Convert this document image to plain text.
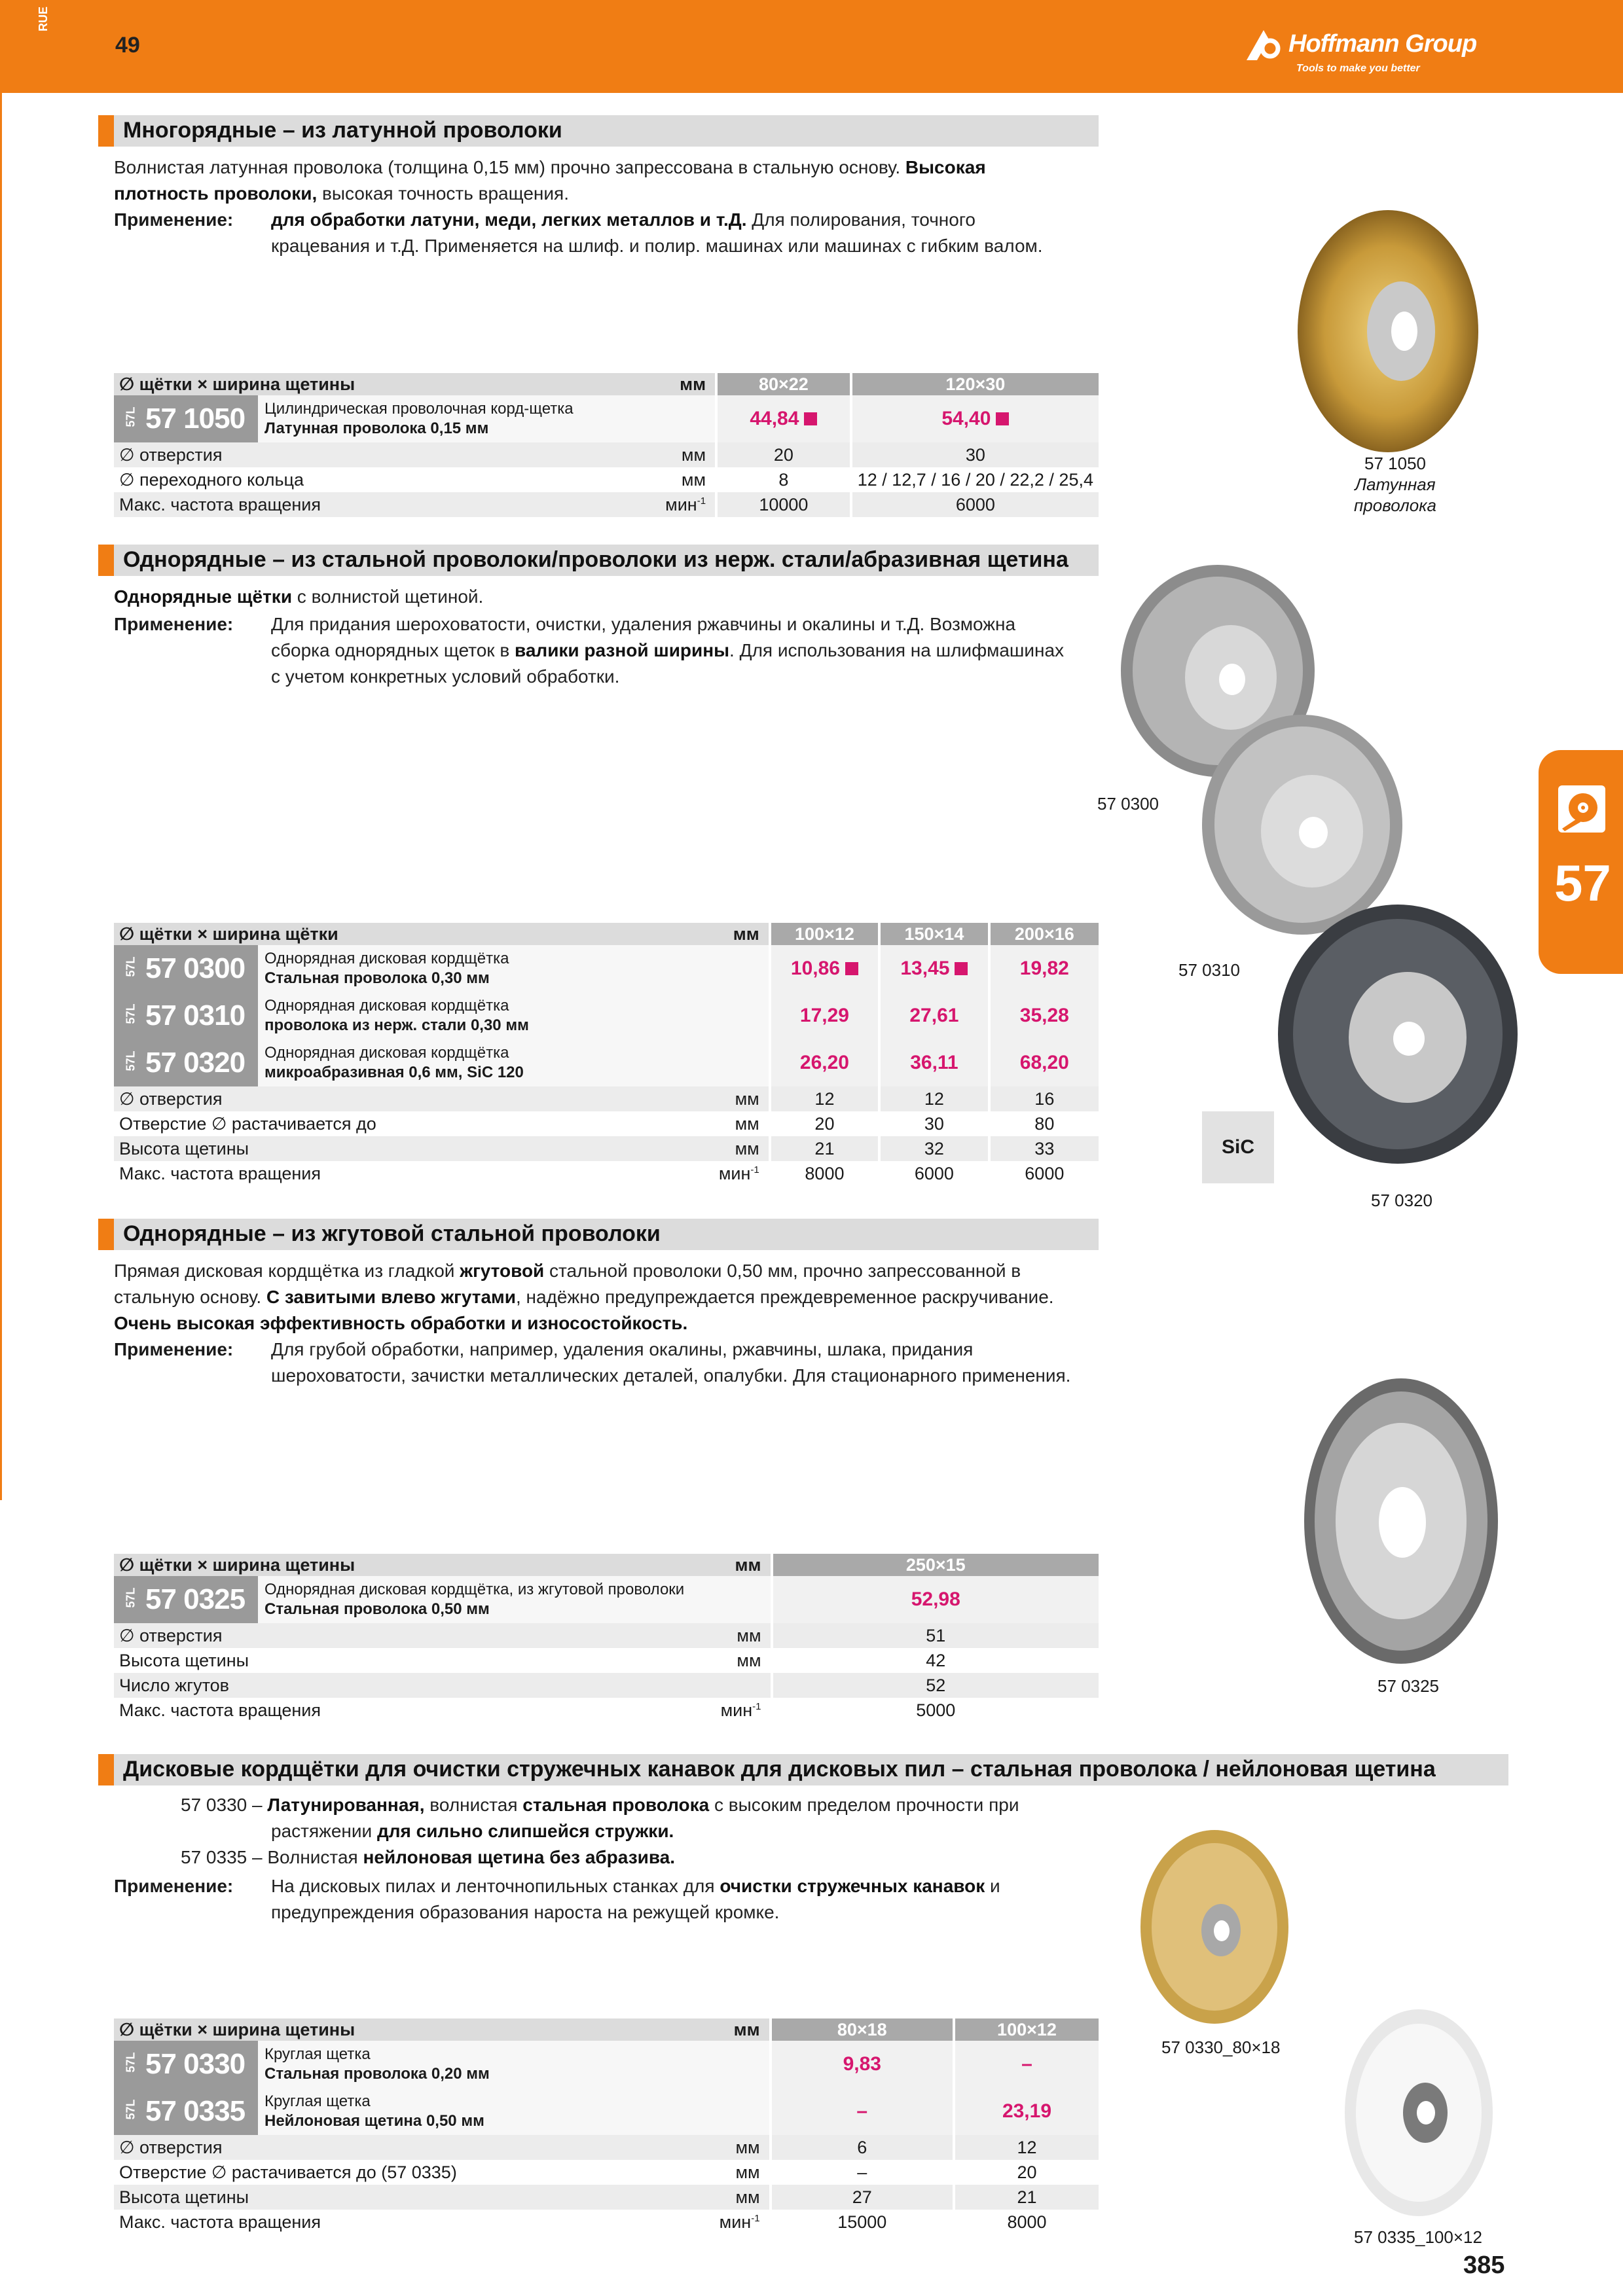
RUE
49	Hoffmann Group
Tools to make you better
57
Многорядные – из латунной проволоки
Волнистая латунная проволока (толщина 0,15 мм) прочно запрессована в стальную основу. Высокая
плотность проволоки, высокая точность вращения.
Применение: для обработки латуни, меди, легких металлов и т.Д. Для полирования, точного
крацевания и т.Д. Применяется на шлиф. и полир. машинах или машинах с гибким валом.
∅ щётки × ширина щетины	мм	80×22	120×30

57L 57 1050 Цилиндрическая проволочная корд-щетка
Латунная проволока 0,15 мм		44,84	54,40
∅ отверстия	мм	20	30
∅ переходного кольца	мм	8	12 / 12,7 / 16 / 20 / 22,2 / 25,4
Макс. частота вращения	мин$^{-1}$	10000	6000
57 1050
Латунная
проволока
Однорядные – из стальной проволоки/проволоки из нерж. стали/абразивная щетина
Однорядные щётки с волнистой щетиной.
Применение: Для придания шероховатости, очистки, удаления ржавчины и окалины и т.Д. Возможна
сборка однорядных щеток в валики разной ширины. Для использования на шлифмашинах
с учетом конкретных условий обработки.
∅ щётки × ширина щётки	мм	100×12	150×14	200×16

57L 57 0300 Однорядная дисковая кордщётка
Стальная проволока 0,30 мм		10,86	13,45	19,82

57L 57 0310 Однорядная дисковая кордщётка
проволока из нерж. стали 0,30 мм		17,29	27,61	35,28

57L 57 0320 Однорядная дисковая кордщётка
микроабразивная 0,6 мм, SiC 120		26,20	36,11	68,20
∅ отверстия	мм	12	12	16
Отверстие ∅ растачивается до	мм	20	30	80
Высота щетины	мм	21	32	33
Макс. частота вращения	мин$^{-1}$	8000	6000	6000
57 0300
57 0310
57 0320
SiC
Однорядные – из жгутовой стальной проволоки
Прямая дисковая кордщётка из гладкой жгутовой стальной проволоки 0,50 мм, прочно запрессованной в
стальную основу. С завитыми влево жгутами, надёжно предупреждается преждевременное раскручивание.
Очень высокая эффективность обработки и износостойкость.
Применение: Для грубой обработки, например, удаления окалины, ржавчины, шлака, придания
шероховатости, зачистки металлических деталей, опалубки. Для стационарного применения.
∅ щётки × ширина щетины	мм	250×15

57L 57 0325 Однорядная дисковая кордщётка, из жгутовой проволоки
Стальная проволока 0,50 мм		52,98
∅ отверстия	мм	51
Высота щетины	мм	42
Число жгутов		52
Макс. частота вращения	мин$^{-1}$	5000
57 0325
Дисковые кордщётки для очистки стружечных канавок для дисковых пил – стальная проволока / нейлоновая щетина
57 0330 – Латунированная, волнистая стальная проволока с высоким пределом прочности при
растяжении для сильно слипшейся стружки.
57 0335 – Волнистая нейлоновая щетина без абразива.
Применение: На дисковых пилах и ленточнопильных станках для очистки стружечных канавок и
предупреждения образования нароста на режущей кромке.
∅ щётки × ширина щетины	мм	80×18	100×12

57L 57 0330 Круглая щетка
Стальная проволока 0,20 мм		9,83	–

57L 57 0335 Круглая щетка
Нейлоновая щетина 0,50 мм		–	23,19
∅ отверстия	мм	6	12
Отверстие ∅ растачивается до (57 0335)	мм	–	20
Высота щетины	мм	27	21
Макс. частота вращения	мин$^{-1}$	15000	8000
57 0330_80×18
57 0335_100×12
385
